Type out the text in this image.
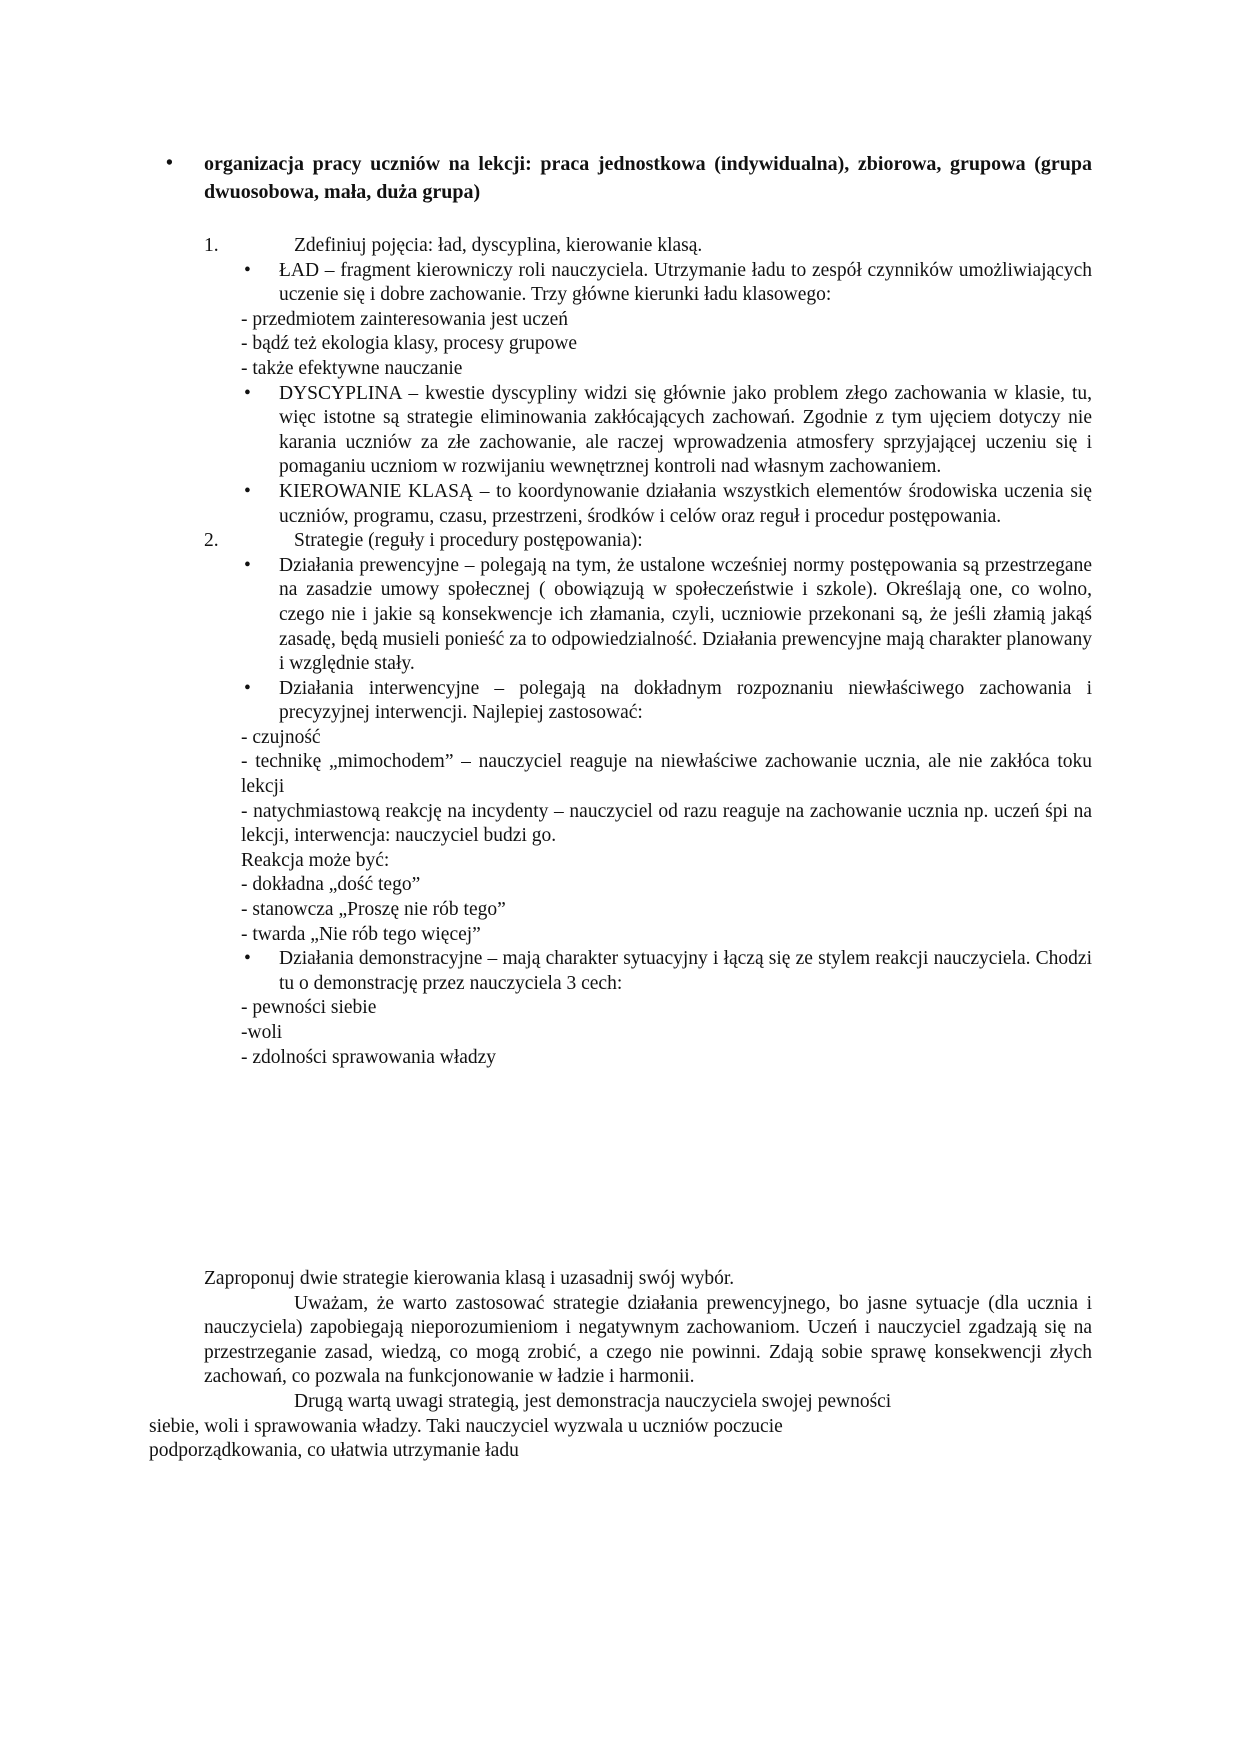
• organizacja pracy uczniów na lekcji: praca jednostkowa (indywidualna), zbiorowa, grupowa (grupa dwuosobowa, mała, duża grupa)
1.	Zdefiniuj pojęcia: ład, dyscyplina, kierowanie klasą.
• ŁAD – fragment kierowniczy roli nauczyciela. Utrzymanie ładu to zespół czynników umożliwiających uczenie się i dobre zachowanie. Trzy główne kierunki ładu klasowego:
- przedmiotem zainteresowania jest uczeń
- bądź też ekologia klasy, procesy grupowe
- także efektywne nauczanie
• DYSCYPLINA – kwestie dyscypliny widzi się głównie jako problem złego zachowania w klasie, tu, więc istotne są strategie eliminowania zakłócających zachowań. Zgodnie z tym ujęciem dotyczy nie karania uczniów za złe zachowanie, ale raczej wprowadzenia atmosfery sprzyjającej uczeniu się i pomaganiu uczniom w rozwijaniu wewnętrznej kontroli nad własnym zachowaniem.
• KIEROWANIE KLASĄ – to koordynowanie działania wszystkich elementów środowiska uczenia się uczniów, programu, czasu, przestrzeni, środków i celów oraz reguł i procedur postępowania.
2.	Strategie (reguły i procedury postępowania):
• Działania prewencyjne – polegają na tym, że ustalone wcześniej normy postępowania są przestrzegane na zasadzie umowy społecznej ( obowiązują w społeczeństwie i szkole). Określają one, co wolno, czego nie i jakie są konsekwencje ich złamania, czyli, uczniowie przekonani są, że jeśli złamią jakąś zasadę, będą musieli ponieść za to odpowiedzialność. Działania prewencyjne mają charakter planowany i względnie stały.
• Działania interwencyjne – polegają na dokładnym rozpoznaniu niewłaściwego zachowania i precyzyjnej interwencji. Najlepiej zastosować:
- czujność
- technikę „mimochodem” – nauczyciel reaguje na niewłaściwe zachowanie ucznia, ale nie zakłóca toku lekcji
- natychmiastową reakcję na incydenty – nauczyciel od razu reaguje na zachowanie ucznia np. uczeń śpi na lekcji, interwencja: nauczyciel budzi go.
Reakcja może być:
- dokładna „dość tego”
- stanowcza „Proszę nie rób tego”
- twarda „Nie rób tego więcej”
• Działania demonstracyjne – mają charakter sytuacyjny i łączą się ze stylem reakcji nauczyciela. Chodzi tu o demonstrację przez nauczyciela 3 cech:
- pewności siebie
-woli
- zdolności sprawowania władzy
Zaproponuj dwie strategie kierowania klasą i uzasadnij swój wybór.
Uważam, że warto zastosować strategie działania prewencyjnego, bo jasne sytuacje (dla ucznia i nauczyciela) zapobiegają nieporozumieniom i negatywnym zachowaniom. Uczeń i nauczyciel zgadzają się na przestrzeganie zasad, wiedzą, co mogą zrobić, a czego nie powinni. Zdają sobie sprawę konsekwencji złych zachowań, co pozwala na funkcjonowanie w ładzie i harmonii.
Drugą wartą uwagi strategią, jest demonstracja nauczyciela swojej pewności
siebie, woli i sprawowania władzy. Taki nauczyciel wyzwala u uczniów poczucie
podporządkowania, co ułatwia utrzymanie ładu
